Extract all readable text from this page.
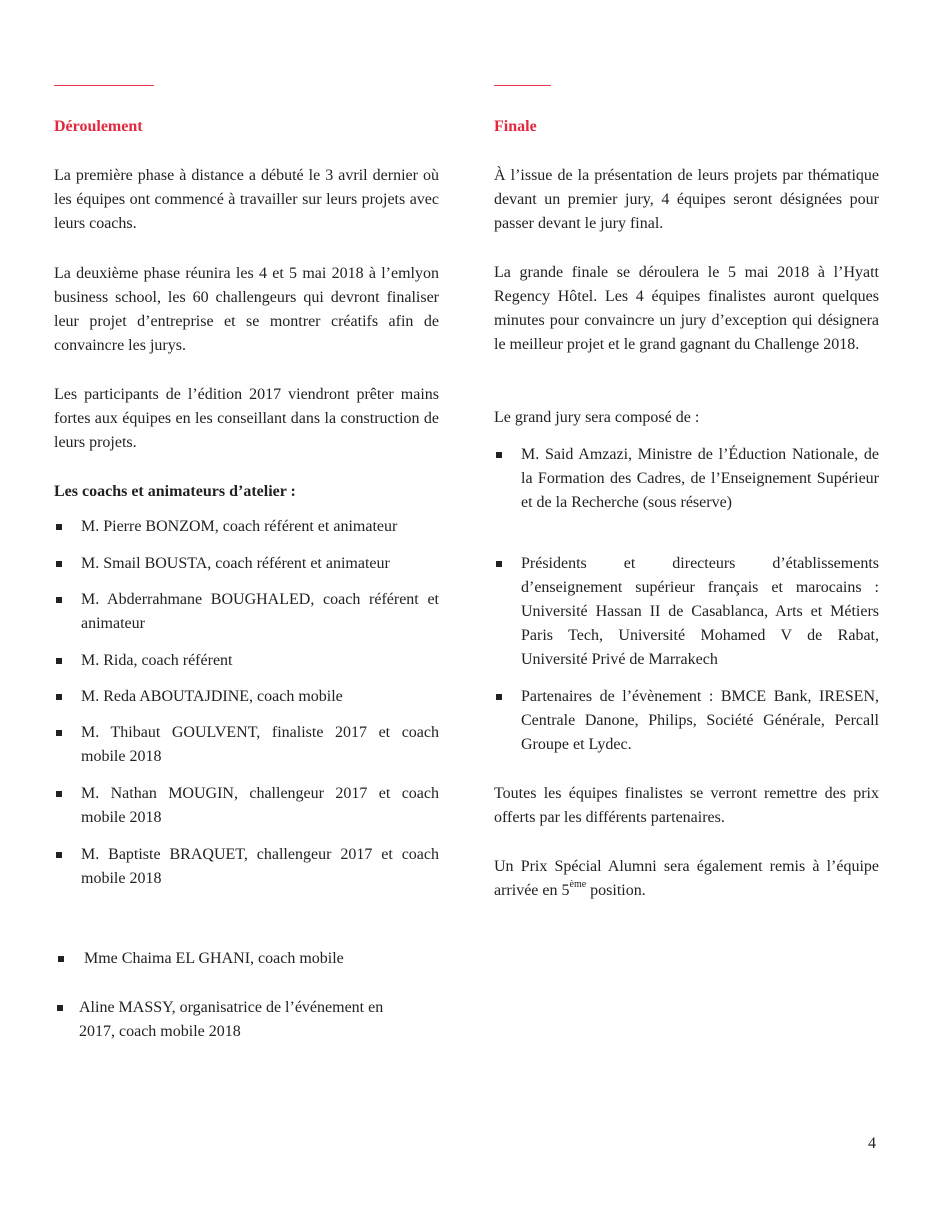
Déroulement

La première phase à distance a débuté le 3 avril dernier où les équipes ont commencé à travailler sur leurs projets avec leurs coachs.

La deuxième phase réunira les 4 et 5 mai 2018 à l’emlyon business school, les 60 challengeurs qui devront finaliser leur projet d’entreprise et se montrer créatifs afin de convaincre les jurys.

Les participants de l’édition 2017 viendront prêter mains fortes aux équipes en les conseillant dans la construction de leurs projets.

Les coachs et animateurs d’atelier :

M. Pierre BONZOM, coach référent et animateur
M. Smail BOUSTA, coach référent et animateur
M. Abderrahmane BOUGHALED, coach référent et animateur
M. Rida, coach référent
M. Reda ABOUTAJDINE, coach mobile
M. Thibaut GOULVENT, finaliste 2017 et coach mobile 2018
M. Nathan MOUGIN, challengeur 2017 et coach mobile 2018
M. Baptiste BRAQUET, challengeur 2017 et coach mobile 2018
Mme Chaima EL GHANI, coach mobile
Aline MASSY, organisatrice de l’événement en 2017, coach mobile 2018
Finale

À l’issue de la présentation de leurs projets par thématique devant un premier jury, 4 équipes seront désignées pour passer devant le jury final.

La grande finale se déroulera le 5 mai 2018 à l’Hyatt Regency Hôtel. Les 4 équipes finalistes auront quelques minutes pour convaincre un jury d’exception qui désignera le meilleur projet et le grand gagnant du Challenge 2018.

Le grand jury sera composé de :

M. Said Amzazi, Ministre de l’Éduction Nationale, de la Formation des Cadres, de l’Enseignement Supérieur et de la Recherche (sous réserve)
Présidents et directeurs d’établissements d’enseignement supérieur français et marocains : Université Hassan II de Casablanca, Arts et Métiers Paris Tech, Université Mohamed V de Rabat, Université Privé de Marrakech
Partenaires de l’évènement : BMCE Bank, IRESEN, Centrale Danone, Philips, Société Générale, Percall Groupe et Lydec.

Toutes les équipes finalistes se verront remettre des prix offerts par les différents partenaires.

Un Prix Spécial Alumni sera également remis à l’équipe arrivée en 5ème position.

4
